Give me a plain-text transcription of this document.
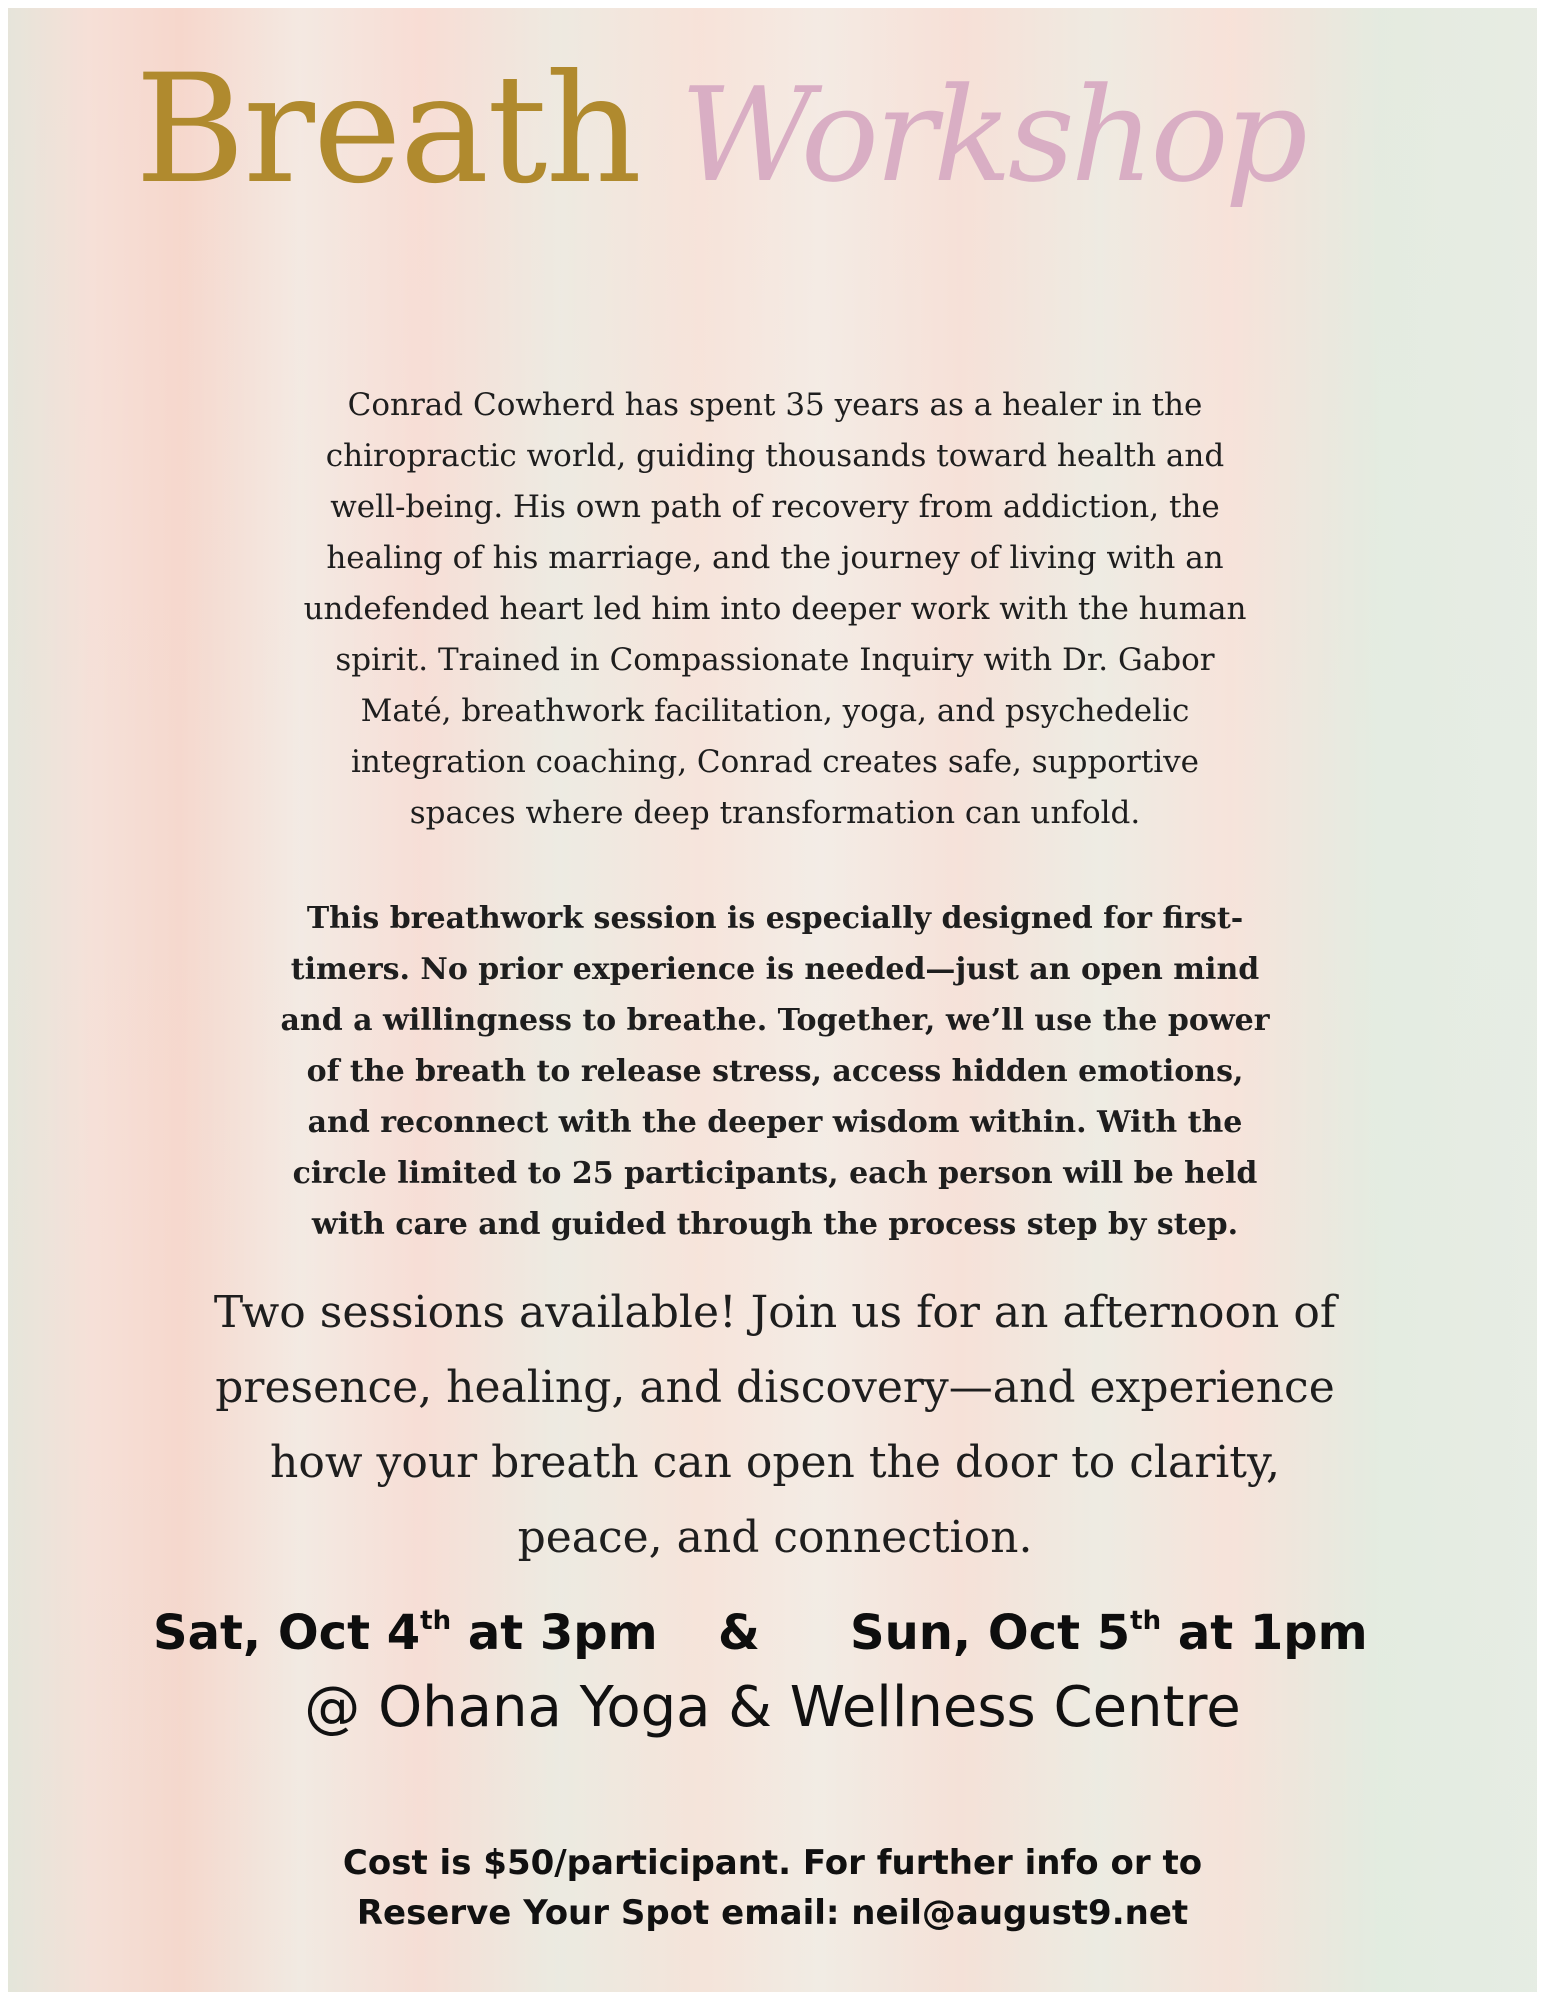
Breath Workshop
Conrad Cowherd has spent 35 years as a healer in the
chiropractic world, guiding thousands toward health and
well-being. His own path of recovery from addiction, the
healing of his marriage, and the journey of living with an
undefended heart led him into deeper work with the human
spirit. Trained in Compassionate Inquiry with Dr. Gabor
Maté, breathwork facilitation, yoga, and psychedelic
integration coaching, Conrad creates safe, supportive
spaces where deep transformation can unfold.
This breathwork session is especially designed for first-
timers. No prior experience is needed—just an open mind
and a willingness to breathe. Together, we’ll use the power
of the breath to release stress, access hidden emotions,
and reconnect with the deeper wisdom within. With the
circle limited to 25 participants, each person will be held
with care and guided through the process step by step.
Two sessions available! Join us for an afternoon of
presence, healing, and discovery—and experience
how your breath can open the door to clarity,
peace, and connection.
Sat, Oct 4th at 3pm & Sun, Oct 5th at 1pm
@ Ohana Yoga & Wellness Centre
Cost is $50/participant. For further info or to
Reserve Your Spot email: neil@august9.net
